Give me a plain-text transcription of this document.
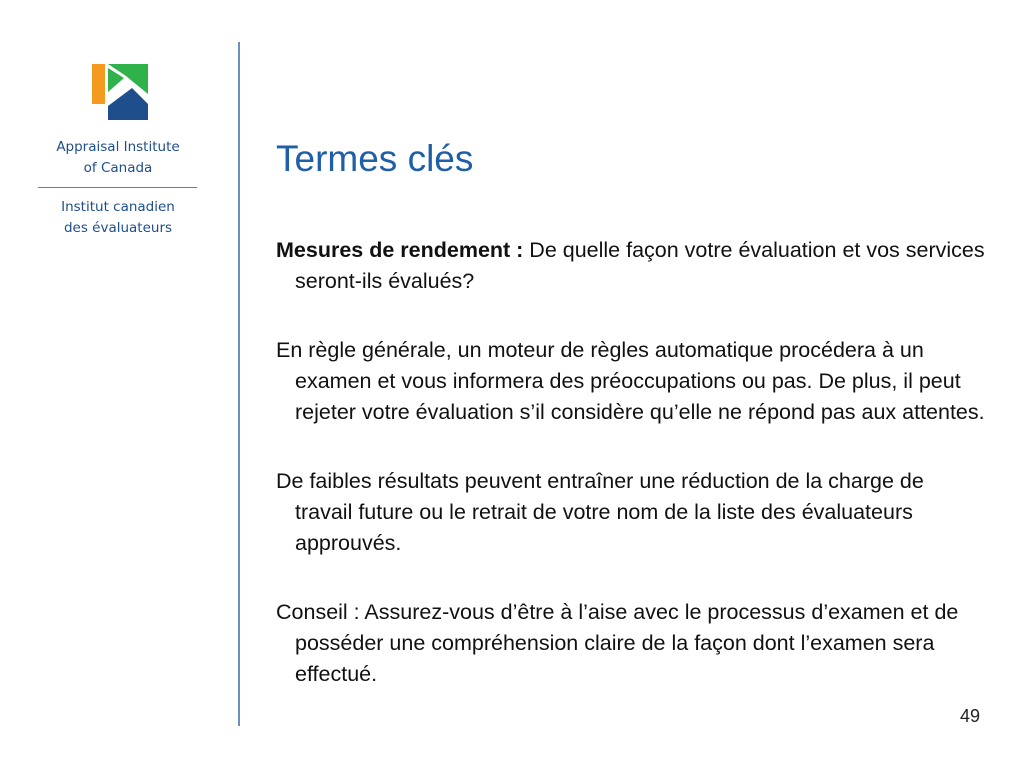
Appraisal Institute
of Canada
Institut canadien
des évaluateurs
Termes clés

Mesures de rendement : De quelle façon votre évaluation et vos services seront-ils évalués?

En règle générale, un moteur de règles automatique procédera à un examen et vous informera des préoccupations ou pas. De plus, il peut rejeter votre évaluation s’il considère qu’elle ne répond pas aux attentes.

De faibles résultats peuvent entraîner une réduction de la charge de travail future ou le retrait de votre nom de la liste des évaluateurs approuvés.

Conseil : Assurez-vous d’être à l’aise avec le processus d’examen et de posséder une compréhension claire de la façon dont l’examen sera effectué.

49
